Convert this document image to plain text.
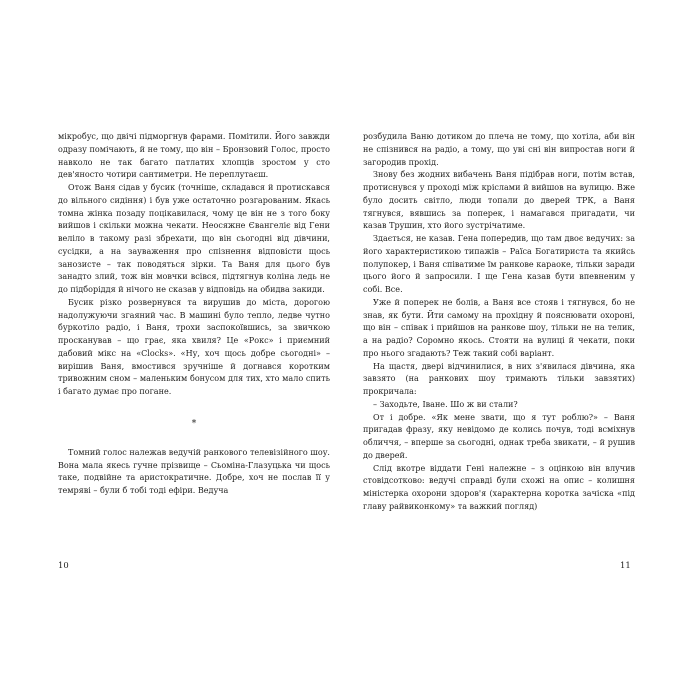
мікробус, що двічі підморгнув фарами. Помітили. Його завжди одразу помічають, й не тому, що він – Бронзовий Голос, просто навколо не так багато патлатих хлопців зростом у сто дев'яносто чотири сантиметри. Не переплутаєш.

Отож Ваня сідав у бусик (точніше, складався й протискався до вільного сидіння) і був уже остаточно розгарованим. Якась томна жінка позаду поцікавилася, чому це він не з того боку вийшов і скільки можна чекати. Неосяжне Євангеліє від Гени веліло в такому разі збрехати, що він сьогодні від дівчини, сусідки, а на зауваження про спізнення відповісти щось занозисте – так поводяться зірки. Та Ваня для цього був занадто злий, тож він мовчки всівся, підтягнув коліна ледь не до підборіддя й нічого не сказав у відповідь на обидва закиди.

Бусик різко розвернувся та вирушив до міста, дорогою надолужуючи згаяний час. В машині було тепло, ледве чутно буркотіло радіо, і Ваня, трохи заспокоївшись, за звичкою просканував – що грає, яка хвиля? Це «Рокс» і приємний дабовий мікс на «Clocks». «Ну, хоч щось добре сьогодні» – вирішив Ваня, вмостився зручніше й догнався коротким тривожним сном – маленьким бонусом для тих, хто мало спить і багато думає про погане.

*

Томний голос належав ведучій ранкового телевізійного шоу. Вона мала якесь гучне прізвище – Сьоміна-Глазуцька чи щось таке, подвійне та аристократичне. Добре, хоч не послав її у темряві – були б тобі тоді ефіри. Ведуча

розбудила Ваню дотиком до плеча не тому, що хотіла, аби він не спізнився на радіо, а тому, що уві сні він випростав ноги й загородив прохід.

Знову без жодних вибачень Ваня підібрав ноги, потім встав, протиснувся у проході між кріслами й вийшов на вулицю. Вже було досить світло, люди топали до дверей ТРК, а Ваня тягнувся, вявшись за поперек, і намагався пригадати, чи казав Трушин, хто його зустрічатиме.

Здається, не казав. Гена попередив, що там двоє ведучих: за його характеристикою типажів – Раїса Богатириста та якийсь полупокер, і Ваня співатиме їм ранкове караоке, тільки заради цього його й запросили. І ще Гена казав бути впевненим у собі. Все.

Уже й поперек не болів, а Ваня все стояв і тягнувся, бо не знав, як бути. Йти самому на прохідну й пояснювати охороні, що він – співак і прийшов на ранкове шоу, тільки не на телик, а на радіо? Соромно якось. Стояти на вулиці й чекати, поки про нього згадають? Теж такий собі варіант.

На щастя, двері відчинилися, в них з'явилася дівчина, яка завзято (на ранкових шоу тримають тільки завзятих) прокричала:

– Заходьте, Іване. Шо ж ви стали?

От і добре. «Як мене звати, що я тут роблю?» – Ваня пригадав фразу, яку невідомо де колись почув, тоді всміхнув обличчя, – вперше за сьогодні, однак треба звикати, – й рушив до дверей.

Слід вкотре віддати Гені належне – з оцінкою він влучив стовідсотково: ведучі справді були схожі на опис – колишня міністерка охорони здоров'я (характерна коротка зачіска «під главу райвиконкому» та важкий погляд)

10	11
